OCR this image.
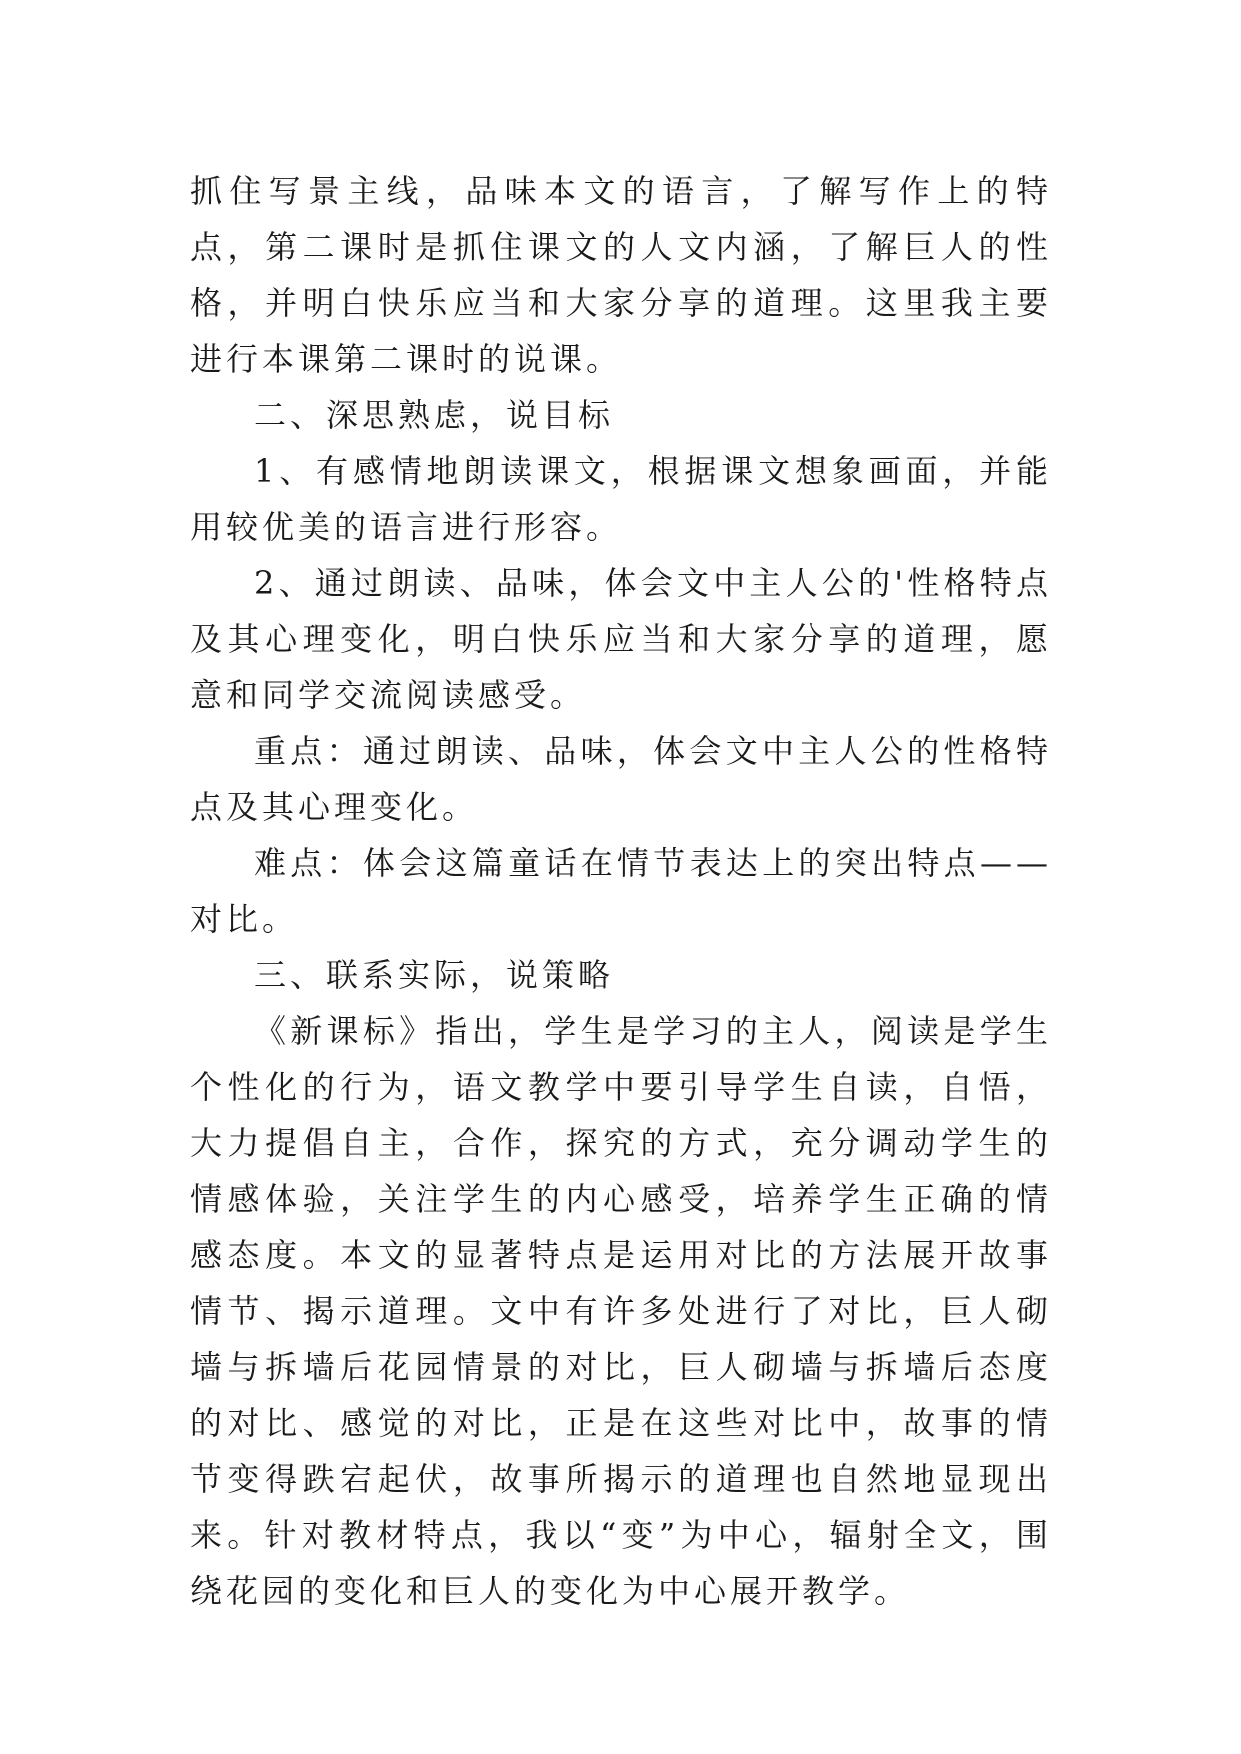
抓住写景主线，品味本文的语言，了解写作上的特点，第二课时是抓住课文的人文内涵，了解巨人的性格，并明白快乐应当和大家分享的道理。这里我主要进行本课第二课时的说课。

二、深思熟虑，说目标

1、有感情地朗读课文，根据课文想象画面，并能用较优美的语言进行形容。

2、通过朗读、品味，体会文中主人公的'性格特点及其心理变化，明白快乐应当和大家分享的道理，愿意和同学交流阅读感受。

重点：通过朗读、品味，体会文中主人公的性格特点及其心理变化。

难点：体会这篇童话在情节表达上的突出特点——对比。

三、联系实际，说策略

《新课标》指出，学生是学习的主人，阅读是学生个性化的行为，语文教学中要引导学生自读，自悟，大力提倡自主，合作，探究的方式，充分调动学生的情感体验，关注学生的内心感受，培养学生正确的情感态度。本文的显著特点是运用对比的方法展开故事情节、揭示道理。文中有许多处进行了对比，巨人砌墙与拆墙后花园情景的对比，巨人砌墙与拆墙后态度的对比、感觉的对比，正是在这些对比中，故事的情节变得跌宕起伏，故事所揭示的道理也自然地显现出来。针对教材特点，我以“变”为中心，辐射全文，围绕花园的变化和巨人的变化为中心展开教学。
